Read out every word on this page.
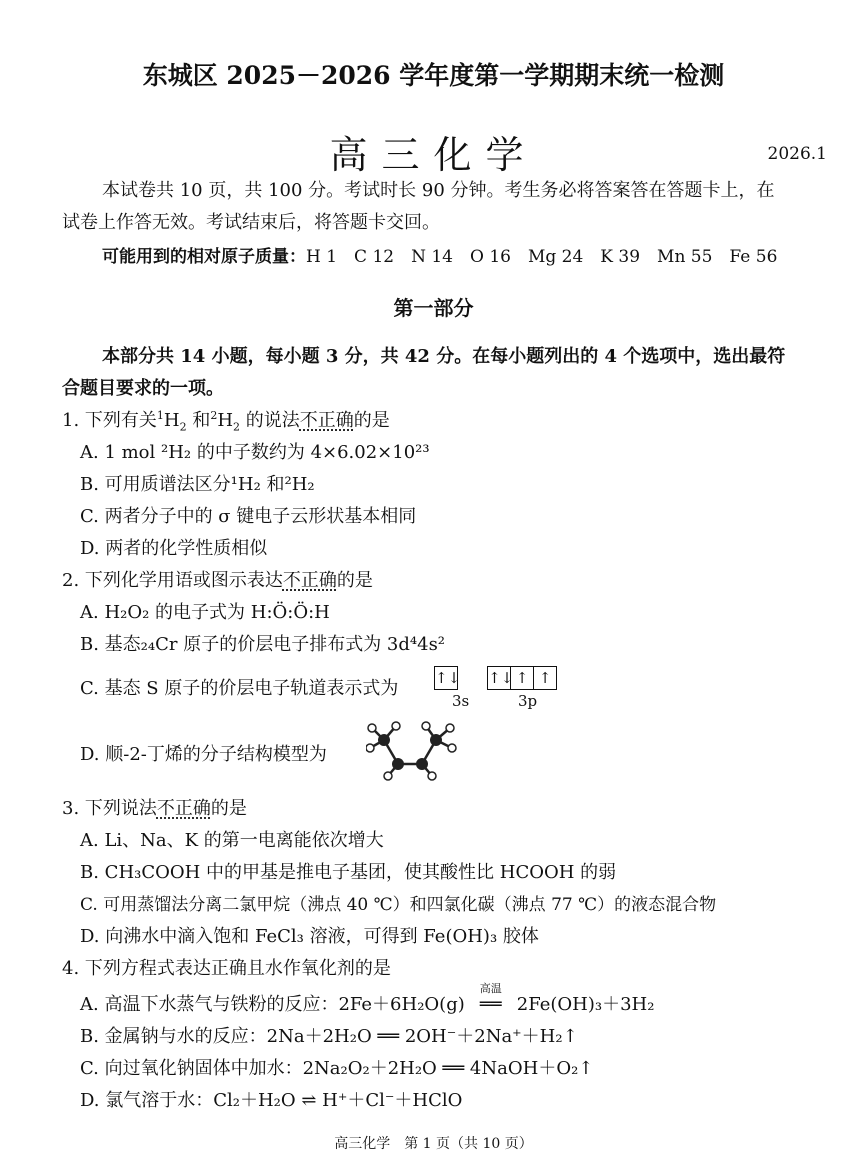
东城区 2025－2026 学年度第一学期期末统一检测
高三化学	2026.1
本试卷共 10 页，共 100 分。考试时长 90 分钟。考生务必将答案答在答题卡上，在
试卷上作答无效。考试结束后，将答题卡交回。
可能用到的相对原子质量：H 1　C 12　N 14　O 16　Mg 24　K 39　Mn 55　Fe 56
第一部分
本部分共 14 小题，每小题 3 分，共 42 分。在每小题列出的 4 个选项中，选出最符
合题目要求的一项。
1. 下列有关$^1H_2$ 和$^2H_2$ 的说法不正确的是
A. 1 mol ²H₂ 的中子数约为 4×6.02×10²³
B. 可用质谱法区分¹H₂ 和²H₂
C. 两者分子中的 σ 键电子云形状基本相同
D. 两者的化学性质相似
2. 下列化学用语或图示表达不正确的是
A. H₂O₂ 的电子式为 H:Ö:Ö:H
B. 基态₂₄Cr 原子的价层电子排布式为 3d⁴4s²
C. 基态 S 原子的价层电子轨道表示式为 ↑↓ ↑↓ ↑ ↑
3s	3p
D. 顺-2-丁烯的分子结构模型为
3. 下列说法不正确的是
A. Li、Na、K 的第一电离能依次增大
B. CH₃COOH 中的甲基是推电子基团，使其酸性比 HCOOH 的弱
C. 可用蒸馏法分离二氯甲烷（沸点 40 ℃）和四氯化碳（沸点 77 ℃）的液态混合物
D. 向沸水中滴入饱和 FeCl₃ 溶液，可得到 Fe(OH)₃ 胶体
4. 下列方程式表达正确且水作氧化剂的是
A. 高温下水蒸气与铁粉的反应：2Fe＋6H₂O(g)
高温
══ 2Fe(OH)₃＋3H₂
B. 金属钠与水的反应：2Na＋2H₂O ══ 2OH⁻＋2Na⁺＋H₂↑
C. 向过氧化钠固体中加水：2Na₂O₂＋2H₂O ══ 4NaOH＋O₂↑
D. 氯气溶于水：Cl₂＋H₂O ⇌ H⁺＋Cl⁻＋HClO
高三化学　第 1 页（共 10 页）
